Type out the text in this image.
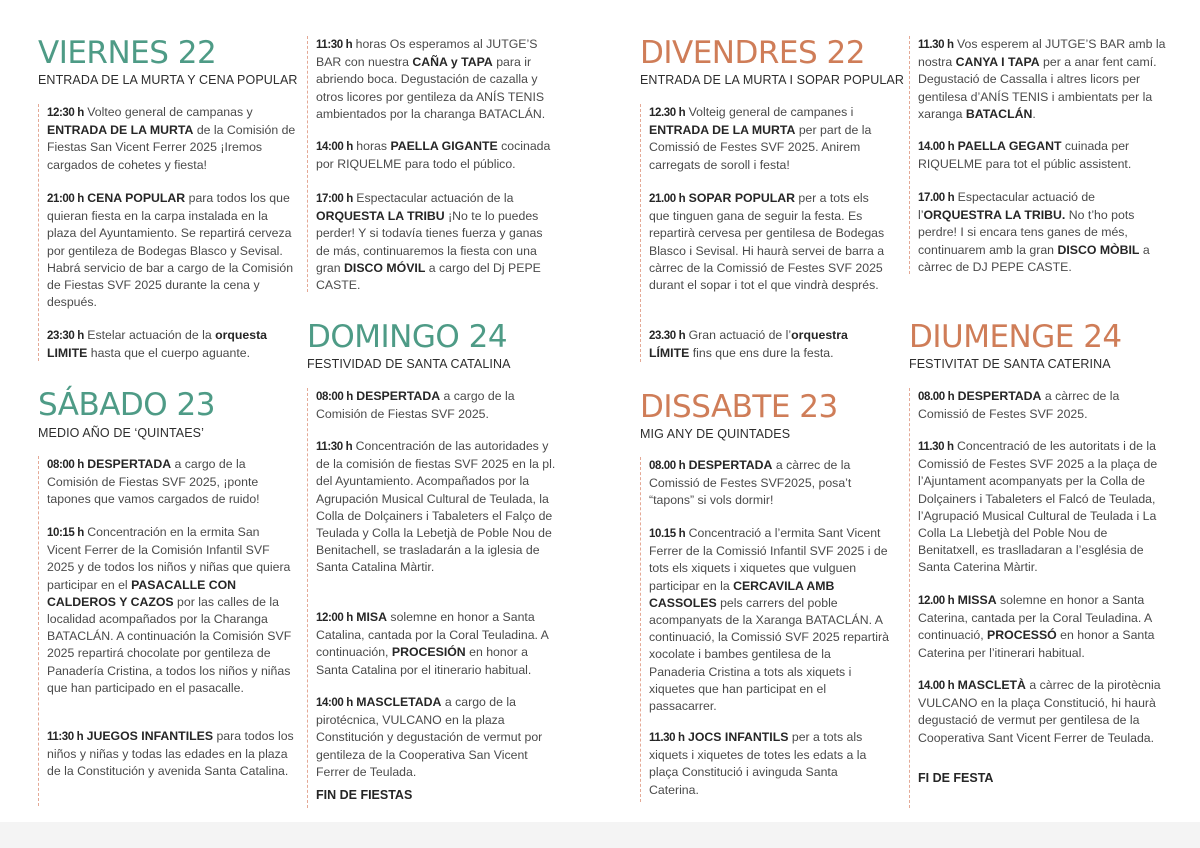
VIERNES 22
ENTRADA DE LA MURTA Y CENA POPULAR

12:30 h Volteo general de campanas y ENTRADA DE LA MURTA de la Comisión de Fiestas San Vicent Ferrer 2025 ¡Iremos cargados de cohetes y fiesta!

21:00 h CENA POPULAR para todos los que quieran fiesta en la carpa instalada en la plaza del Ayuntamiento. Se repartirá cerveza por gentileza de Bodegas Blasco y Sevisal. Habrá servicio de bar a cargo de la Comisión de Fiestas SVF 2025 durante la cena y después.

23:30 h Estelar actuación de la orquesta LIMITE hasta que el cuerpo aguante.

SÁBADO 23
MEDIO AÑO DE ‘QUINTAES’

08:00 h DESPERTADA a cargo de la Comisión de Fiestas SVF 2025, ¡ponte tapones que vamos cargados de ruido!

10:15 h Concentración en la ermita San Vicent Ferrer de la Comisión Infantil SVF 2025 y de todos los niños y niñas que quiera participar en el PASACALLE CON CALDEROS Y CAZOS por las calles de la localidad acompañados por la Charanga BATACLÁN. A continuación la Comisión SVF 2025 repartirá chocolate por gentileza de Panadería Cristina, a todos los niños y niñas que han participado en el pasacalle.

11:30 h JUEGOS INFANTILES para todos los niños y niñas y todas las edades en la plaza de la Constitución y avenida Santa Catalina.

11:30 h horas Os esperamos al JUTGE’S BAR con nuestra CAÑA y TAPA para ir abriendo boca. Degustación de cazalla y otros licores por gentileza da ANÍS TENIS ambientados por la charanga BATACLÁN.

14:00 h horas PAELLA GIGANTE cocinada por RIQUELME para todo el público.

17:00 h Espectacular actuación de la ORQUESTA LA TRIBU ¡No te lo puedes perder! Y si todavía tienes fuerza y ganas de más, continuaremos la fiesta con una gran DISCO MÓVIL a cargo del Dj PEPE CASTE.

DOMINGO 24
FESTIVIDAD DE SANTA CATALINA

08:00 h DESPERTADA a cargo de la Comisión de Fiestas SVF 2025.

11:30 h Concentración de las autoridades y de la comisión de fiestas SVF 2025 en la pl. del Ayuntamiento. Acompañados por la Agrupación Musical Cultural de Teulada, la Colla de Dolçainers i Tabaleters el Falço de Teulada y Colla la Lebetjà de Poble Nou de Benitachell, se trasladarán a la iglesia de Santa Catalina Màrtir.

12:00 h MISA solemne en honor a Santa Catalina, cantada por la Coral Teuladina. A continuación, PROCESIÓN en honor a Santa Catalina por el itinerario habitual.

14:00 h MASCLETADA a cargo de la pirotécnica, VULCANO en la plaza Constitución y degustación de vermut por gentileza de la Cooperativa San Vicent Ferrer de Teulada.

FIN DE FIESTAS
DIVENDRES 22
ENTRADA DE LA MURTA I SOPAR POPULAR

12.30 h Volteig general de campanes i ENTRADA DE LA MURTA per part de la Comissió de Festes SVF 2025. Anirem carregats de soroll i festa!

21.00 h SOPAR POPULAR per a tots els que tinguen gana de seguir la festa. Es repartirà cervesa per gentilesa de Bodegas Blasco i Sevisal. Hi haurà servei de barra a càrrec de la Comissió de Festes SVF 2025 durant el sopar i tot el que vindrà després.

23.30 h Gran actuació de l’orquestra LÍMITE fins que ens dure la festa.

DISSABTE 23
MIG ANY DE QUINTADES

08.00 h DESPERTADA a càrrec de la Comissió de Festes SVF2025, posa’t “tapons” si vols dormir!

10.15 h Concentració a l’ermita Sant Vicent Ferrer de la Comissió Infantil SVF 2025 i de tots els xiquets i xiquetes que vulguen participar en la CERCAVILA AMB CASSOLES pels carrers del poble acompanyats de la Xaranga BATACLÁN. A continuació, la Comissió SVF 2025 repartirà xocolate i bambes gentilesa de la Panaderia Cristina a tots als xiquets i xiquetes que han participat en el passacarrer.

11.30 h JOCS INFANTILS per a tots als xiquets i xiquetes de totes les edats a la plaça Constitució i avinguda Santa Caterina.

11.30 h Vos esperem al JUTGE’S BAR amb la nostra CANYA I TAPA per a anar fent camí. Degustació de Cassalla i altres licors per gentilesa d’ANÍS TENIS i ambientats per la xaranga BATACLÁN.

14.00 h PAELLA GEGANT cuinada per RIQUELME para tot el públic assistent.

17.00 h Espectacular actuació de l’ORQUESTRA LA TRIBU. No t’ho pots perdre! I si encara tens ganes de més, continuarem amb la gran DISCO MÒBIL a càrrec de DJ PEPE CASTE.

DIUMENGE 24
FESTIVITAT DE SANTA CATERINA

08.00 h DESPERTADA a càrrec de la Comissió de Festes SVF 2025.

11.30 h Concentració de les autoritats i de la Comissió de Festes SVF 2025 a la plaça de l’Ajuntament acompanyats per la Colla de Dolçainers i Tabaleters el Falcó de Teulada, l’Agrupació Musical Cultural de Teulada i La Colla La Llebetjà del Poble Nou de Benitatxell, es traslladaran a l’església de Santa Caterina Màrtir.

12.00 h MISSA solemne en honor a Santa Caterina, cantada per la Coral Teuladina. A continuació, PROCESSÓ en honor a Santa Caterina per l’itinerari habitual.

14.00 h MASCLETÀ a càrrec de la pirotècnia VULCANO en la plaça Constitució, hi haurà degustació de vermut per gentilesa de la Cooperativa Sant Vicent Ferrer de Teulada.

FI DE FESTA
